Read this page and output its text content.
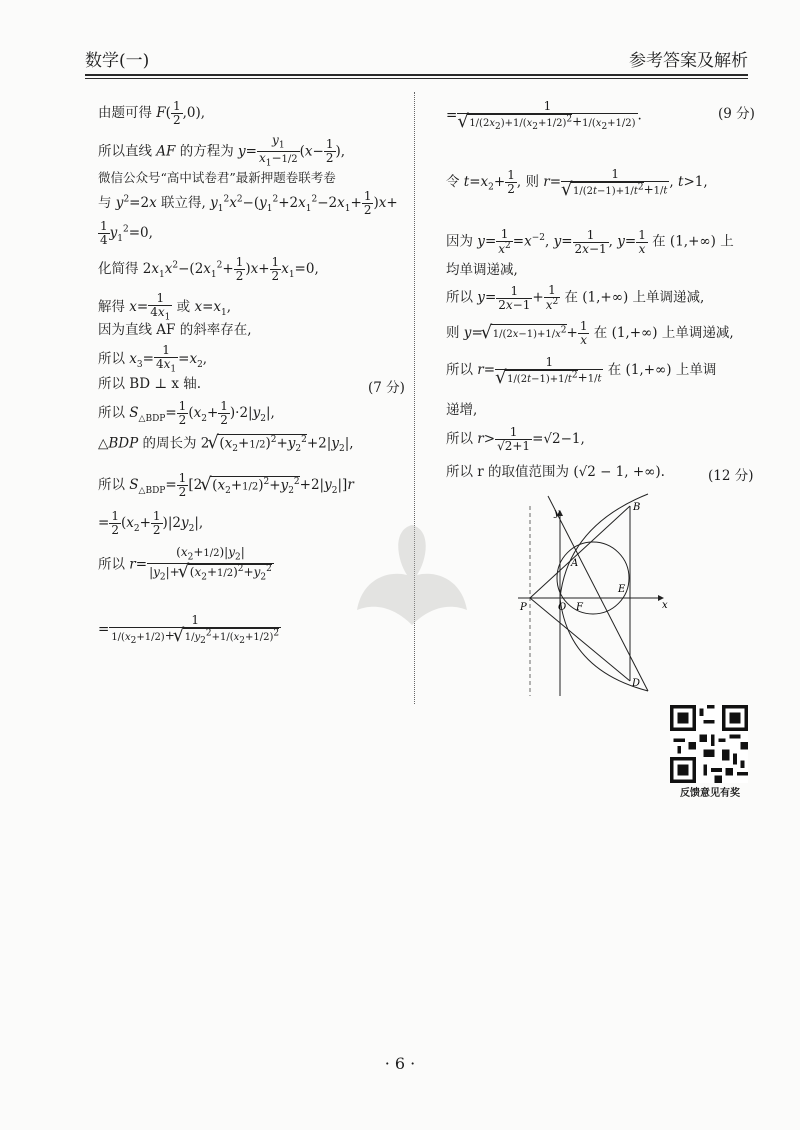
数学(一)	参考答案及解析
由题可得 $F( \frac{1}{2} ,0)$,
所以直线 AF 的方程为 $y= \frac{y_1}{x_1-1/2} (x- \frac{1}{2}$ ),
微信公众号“高中试卷君”最新押题卷联考卷
与 $y^2=2x$ 联立得, $y_1^2x^2-(y_1^2+2x_1^2-2x_1+ \frac{1}{2} )x+$
$\frac{1}{4} y_1^2=0$,
化简得 $2x_1x^2-(2x_1^2+ \frac{1}{2} )x+ \frac{1}{2} x_1=0$,
解得 $x= \frac{1}{4x_1}$ 或 $x=x_1$,
因为直线 AF 的斜率存在,
所以 $x_3= \frac{1}{4x_1} =x_2$,
所以 BD ⊥ x 轴.
所以 $S_{\triangle BDP}= \frac{1}{2} (x_2+ \frac{1}{2} )\cdot 2|y_2|$,
△BDP 的周长为 2√ $(x_2+1/2)^2+y_2^2+2|y_2|$,
所以 $S_{\triangle BDP}= \frac{1}{2} [2√$ $(x_2+1/2)^2+y_2^2+2|y_2|]r$
= $\frac{1}{2} (x_2+ \frac{1}{2} )|2y_2|$,
所以 $r= \frac{(x_2+1/2)|y_2|}{|y_2|+√ (x_2+1/2)^2+y_2^2}$
= $\frac{1}{1/(x_2+1/2)+√ 1/y_2^2+1/(x_2+1/2)^2}$
(7 分)
= 1
√ $1/(2x_2)+1/(x_2+1/2)^2+1/(x_2+1/2)$ .
令 $t=x_2+ \frac{1}{2}$ , 则 r= 1
√ $1/(2t-1)+1/t^2+1/t$ , t>1,
因为 $y= \frac{1}{x^2} =x^{-2}$, $y= \frac{1}{2x-1}$ , $y= \frac{1}{x}$ 在 (1,+∞) 上
均单调递减,
所以 $y= \frac{1}{2x-1} + \frac{1}{x^2}$ 在 (1,+∞) 上单调递减,
则 y=√ $1/(2x-1)+1/x^2+ \frac{1}{x}$ 在 (1,+∞) 上单调递减,
所以 r= 1
√ $1/(2t-1)+1/t^2+1/t$ 在 (1,+∞) 上单调
递增,
所以 $r> \frac{1}{√2+1} =√2-1$,
所以 r 的取值范围为 (√2 − 1, +∞).
(9 分)
(12 分)
y
x
B
A
E
O F
P
D
反馈意见有奖
· 6 ·
